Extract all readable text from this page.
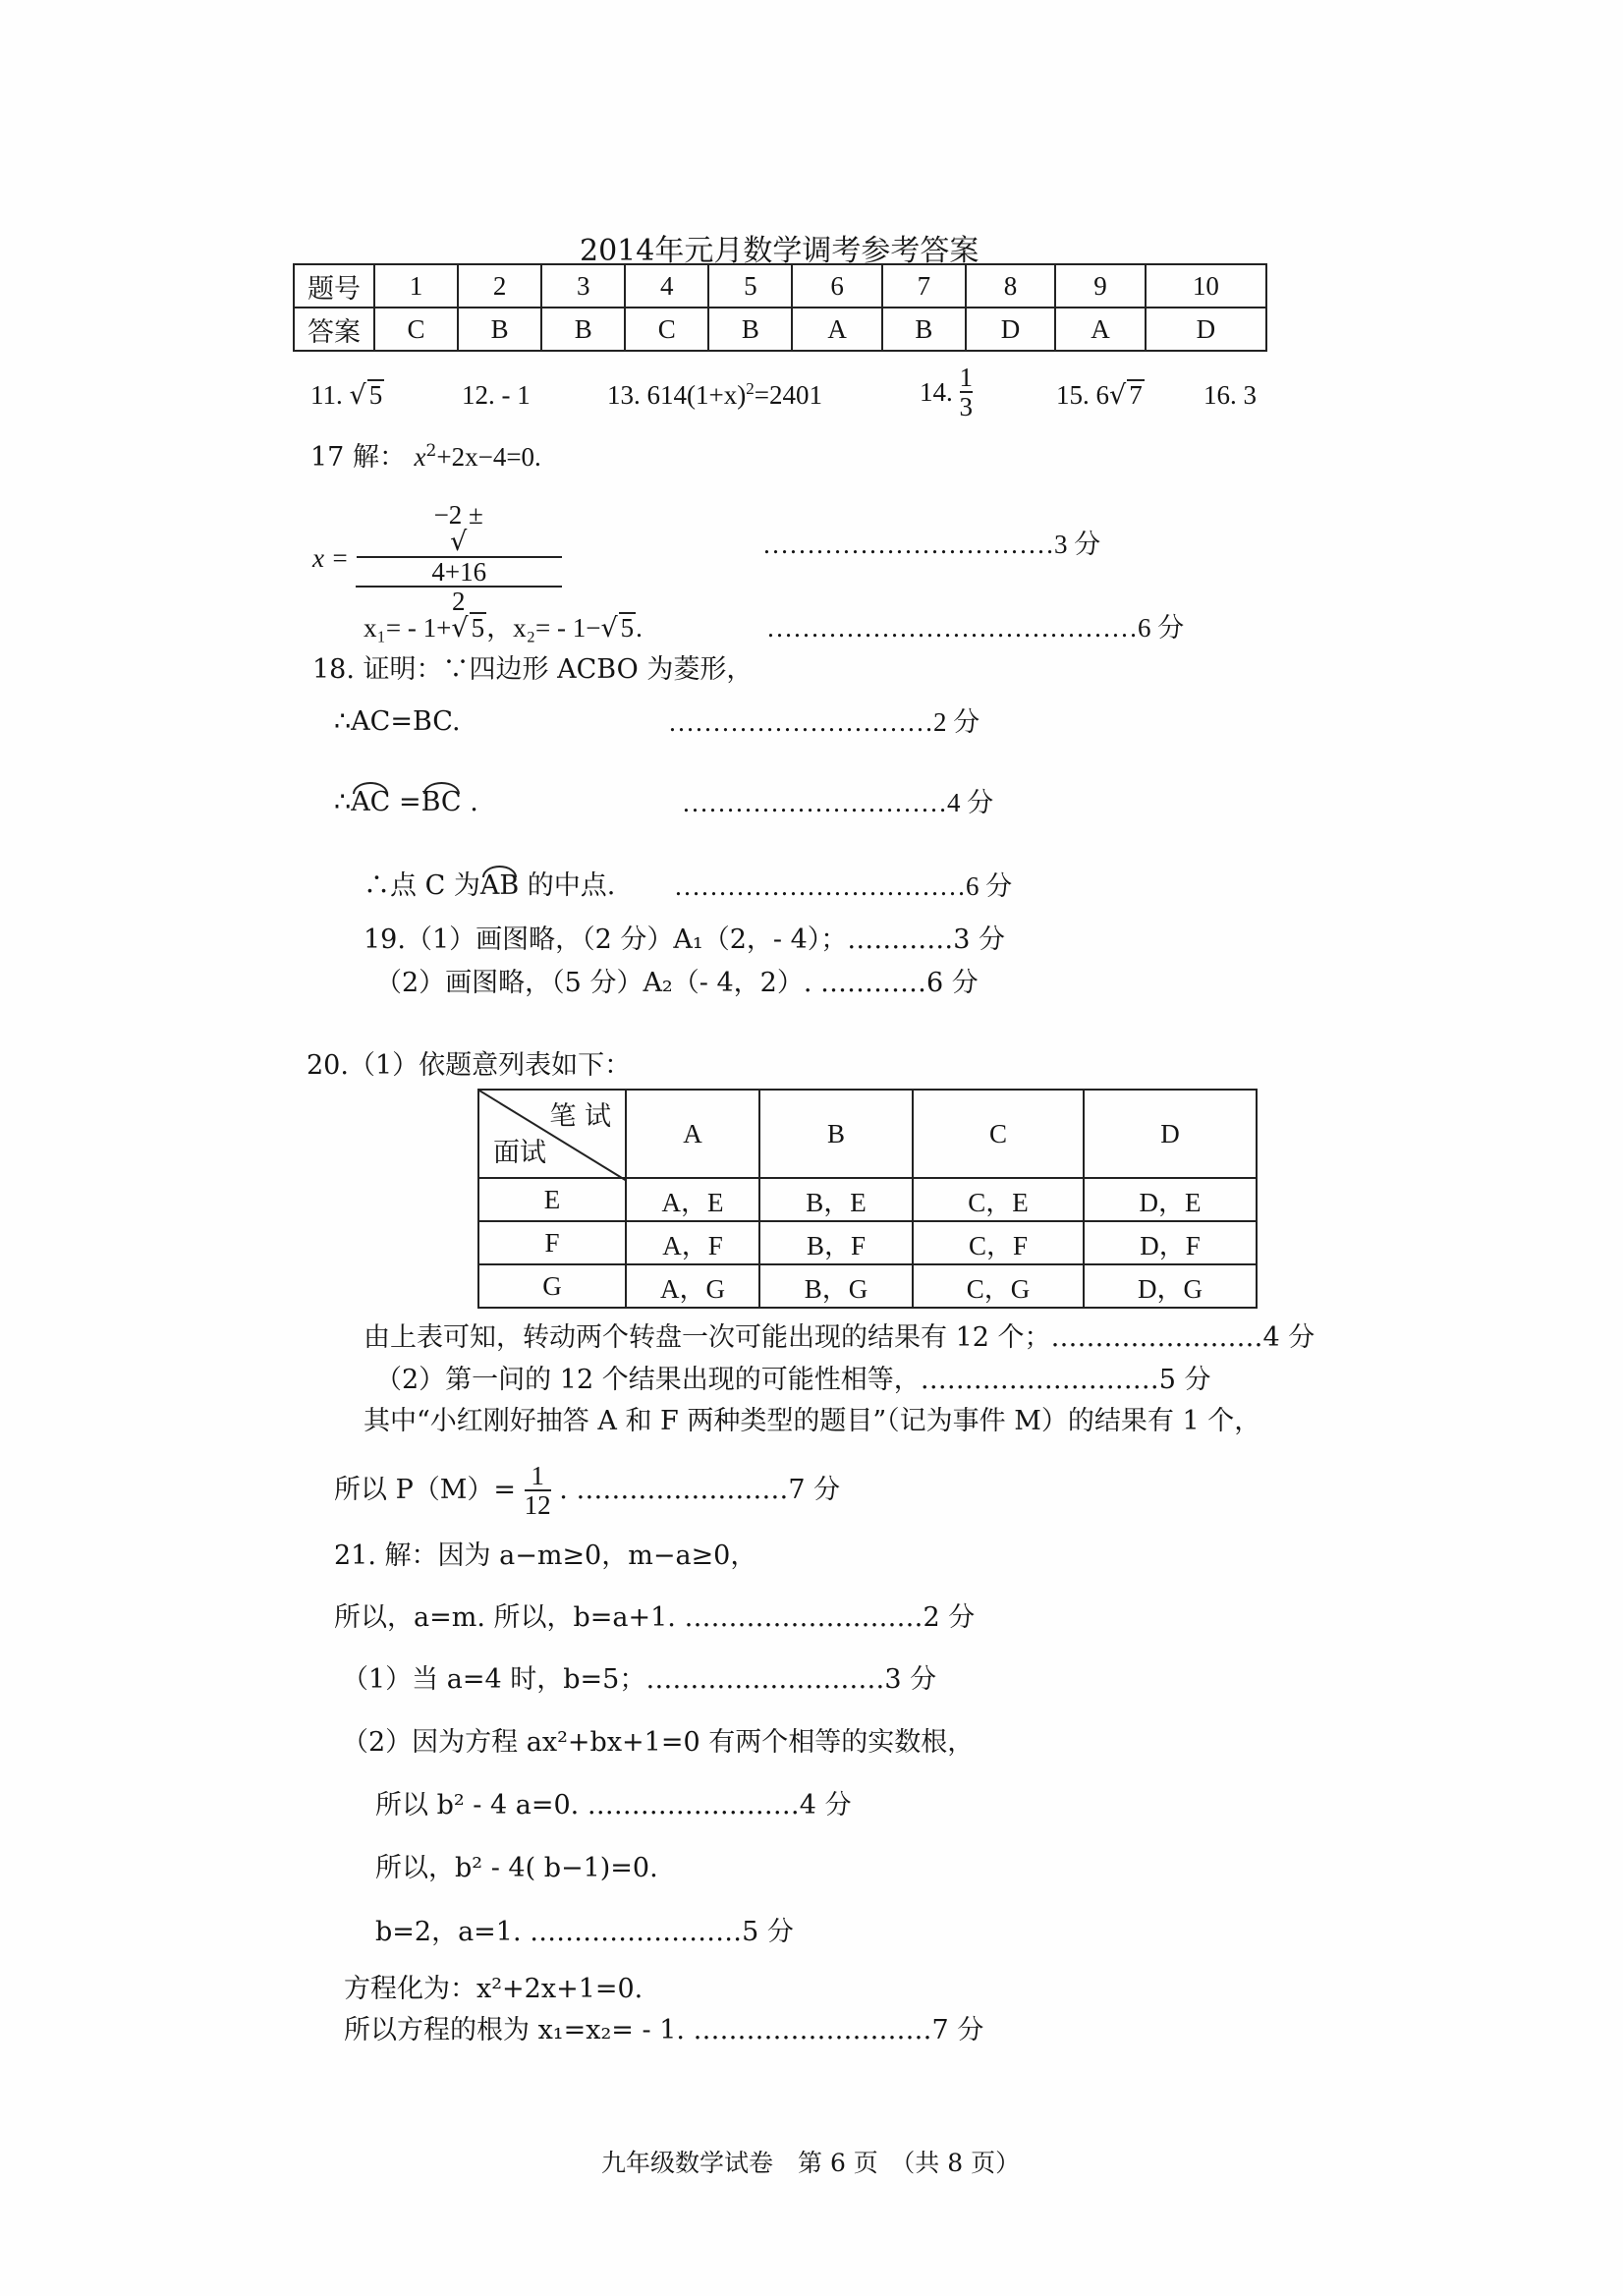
2014年元月数学调考参考答案
题号	1	2	3	4	5	6	7	8	9	10
答案	C	B	B	C	B	A	B	D	A	D
11. √ 5	12. - 1	13. $614(1+x)^2=2401$	14. $\frac{1}{3}$	15. 6√ 7 16. 3
17 解： $x^2+2x-4=0$.
x = −2 ±
√
4+16
2	……………………………3 分
x₁= - 1+√ 5，x₂= - 1−√ 5.	……………………………………6 分
18. 证明：∵四边形 ACBO 为菱形，
∴AC=BC.	…………………………2 分
∴AC =BC .	…………………………4 分
∴点 C 为AB 的中点. ……………………………6 分
19.（1）画图略，（2 分）A₁（2，- 4）；…………3 分
（2）画图略，（5 分）A₂（- 4，2）. …………6 分
20.（1）依题意列表如下：
笔 试
面试	A	B	C	D
E	A，E	B，E	C，E	D，E
F	A，F	B，F	C，F	D，F
G	A，G	B，G	C，G	D，G
由上表可知，转动两个转盘一次可能出现的结果有 12 个；……………………4 分
（2）第一问的 12 个结果出现的可能性相等，………………………5 分
其中“小红刚好抽答 A 和 F 两种类型的题目”（记为事件 M）的结果有 1 个，
所以 $P(M)= \frac{1}{12}$ . ……………………7 分
21. 解：因为 a−m≥0，m−a≥0，
所以，a=m. 所以，b=a+1. ………………………2 分
（1）当 a=4 时，b=5；………………………3 分
（2）因为方程 ax²+bx+1=0 有两个相等的实数根，
所以 b² - 4 a=0. ……………………4 分
所以，b² - 4( b−1)=0.
b=2，a=1. ……………………5 分
方程化为：x²+2x+1=0.
所以方程的根为 x₁=x₂= - 1. ………………………7 分
九年级数学试卷　第 6 页　（共 8 页）
